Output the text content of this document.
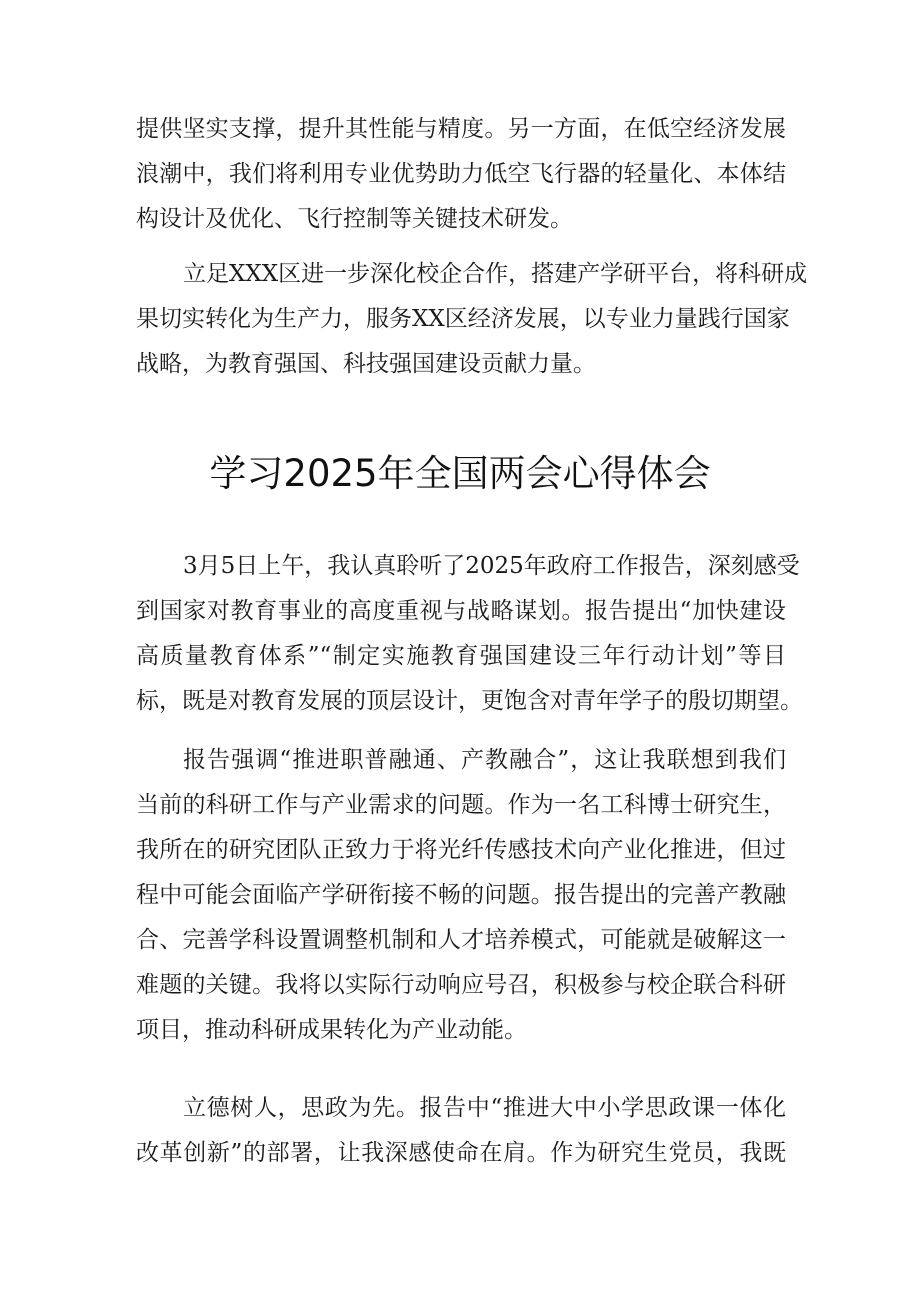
提供坚实支撑，提升其性能与精度。另一方面，在低空经济发展
浪潮中，我们将利用专业优势助力低空飞行器的轻量化、本体结
构设计及优化、飞行控制等关键技术研发。
立足XXX区进一步深化校企合作，搭建产学研平台，将科研成
果切实转化为生产力，服务XX区经济发展，以专业力量践行国家
战略，为教育强国、科技强国建设贡献力量。
学习2025年全国两会心得体会
3月5日上午，我认真聆听了2025年政府工作报告，深刻感受
到国家对教育事业的高度重视与战略谋划。报告提出“加快建设
高质量教育体系”“制定实施教育强国建设三年行动计划”等目
标，既是对教育发展的顶层设计，更饱含对青年学子的殷切期望。
报告强调“推进职普融通、产教融合”，这让我联想到我们
当前的科研工作与产业需求的问题。作为一名工科博士研究生，
我所在的研究团队正致力于将光纤传感技术向产业化推进，但过
程中可能会面临产学研衔接不畅的问题。报告提出的完善产教融
合、完善学科设置调整机制和人才培养模式，可能就是破解这一
难题的关键。我将以实际行动响应号召，积极参与校企联合科研
项目，推动科研成果转化为产业动能。
立德树人，思政为先。报告中“推进大中小学思政课一体化
改革创新”的部署，让我深感使命在肩。作为研究生党员，我既
